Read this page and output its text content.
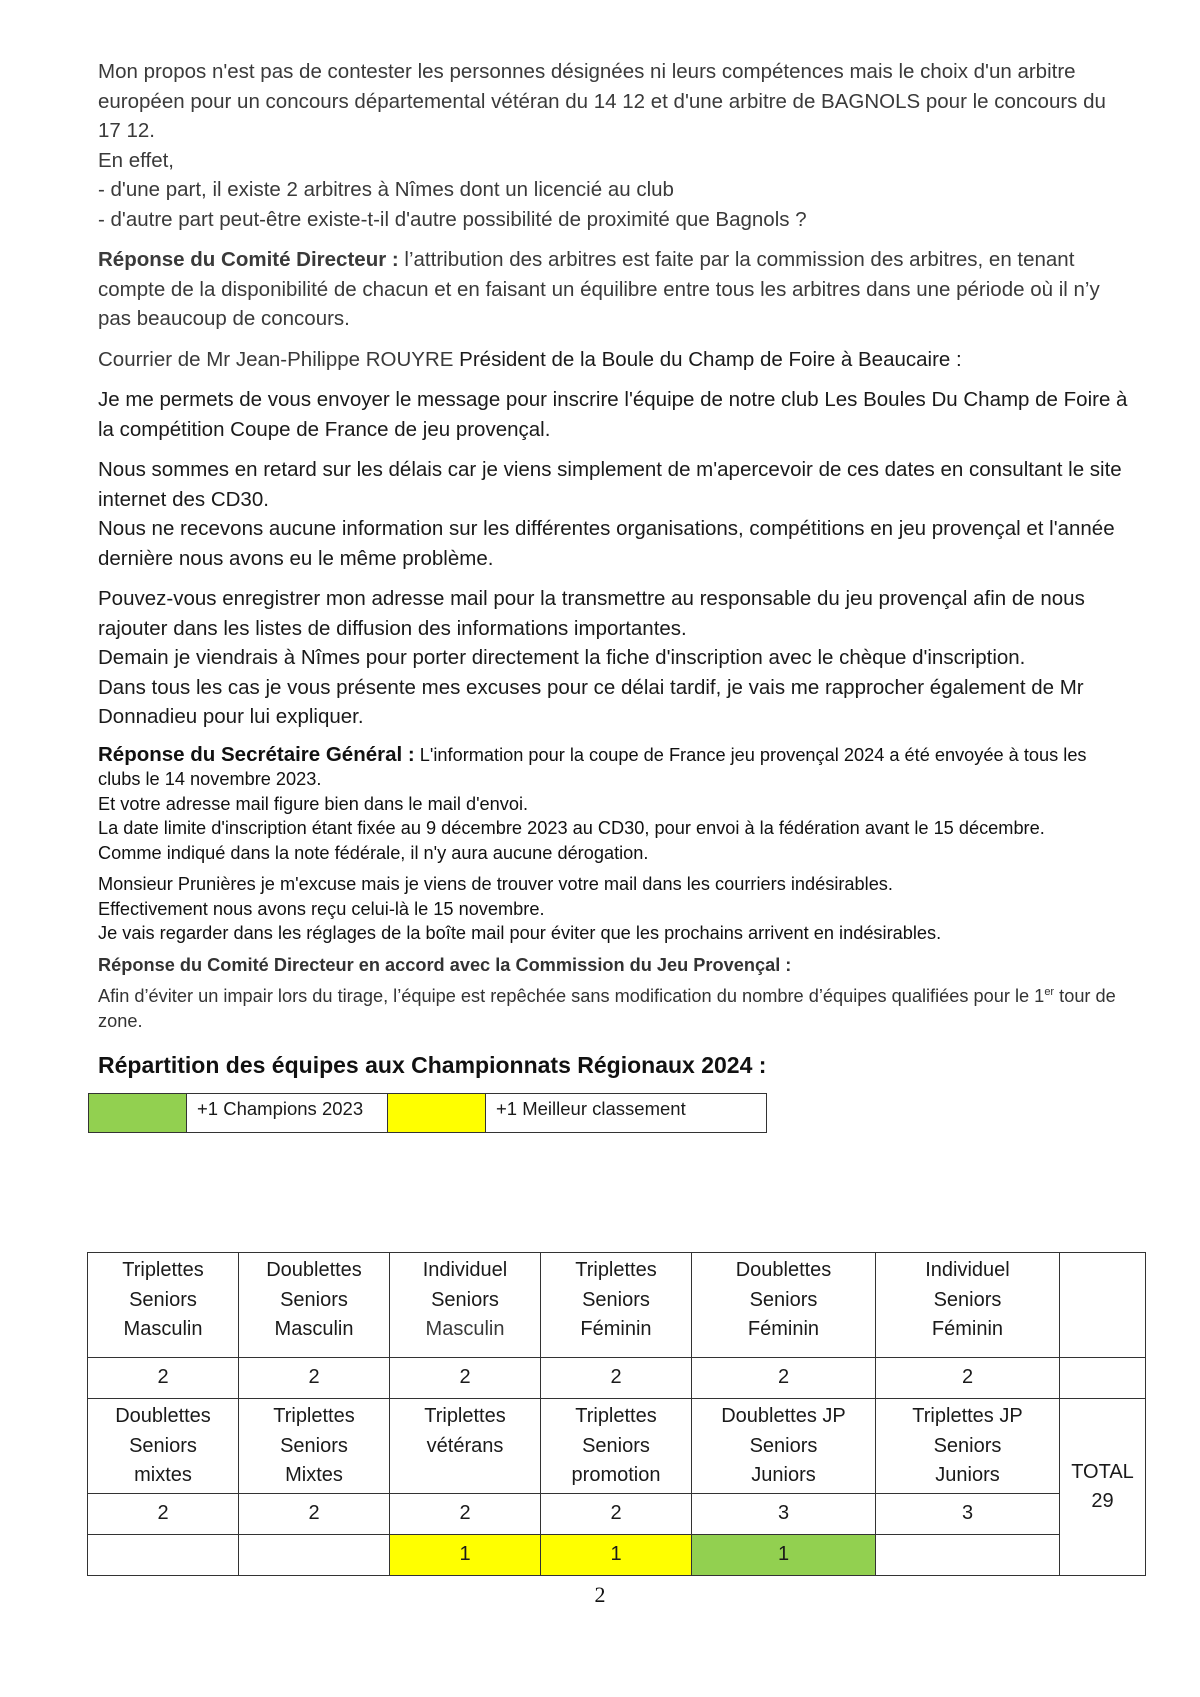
Mon propos n'est pas de contester les personnes désignées ni leurs compétences mais le choix d'un arbitre européen pour un concours départemental vétéran du 14 12 et d'une arbitre de BAGNOLS pour le concours du 17 12.

En effet,

- d'une part, il existe 2 arbitres à Nîmes dont un licencié au club

- d'autre part peut-être existe-t-il d'autre possibilité de proximité que Bagnols ?

Réponse du Comité Directeur : l’attribution des arbitres est faite par la commission des arbitres, en tenant compte de la disponibilité de chacun et en faisant un équilibre entre tous les arbitres dans une période où il n’y pas beaucoup de concours.

Courrier de Mr Jean-Philippe ROUYRE Président de la Boule du Champ de Foire à Beaucaire :

Je me permets de vous envoyer le message pour inscrire l'équipe de notre club Les Boules Du Champ de Foire à la compétition Coupe de France de jeu provençal.

Nous sommes en retard sur les délais car je viens simplement de m'apercevoir de ces dates en consultant le site internet des CD30.

Nous ne recevons aucune information sur les différentes organisations, compétitions en jeu provençal et l'année dernière nous avons eu le même problème.

Pouvez-vous enregistrer mon adresse mail pour la transmettre au responsable du jeu provençal afin de nous rajouter dans les listes de diffusion des informations importantes.

Demain je viendrais à Nîmes pour porter directement la fiche d'inscription avec le chèque d'inscription.

Dans tous les cas je vous présente mes excuses pour ce délai tardif, je vais me rapprocher également de Mr Donnadieu pour lui expliquer.

Réponse du Secrétaire Général : L'information pour la coupe de France jeu provençal 2024 a été envoyée à tous les clubs le 14 novembre 2023.

Et votre adresse mail figure bien dans le mail d'envoi.

La date limite d'inscription étant fixée au 9 décembre 2023 au CD30, pour envoi à la fédération avant le 15 décembre.

Comme indiqué dans la note fédérale, il n'y aura aucune dérogation.

Monsieur Prunières je m'excuse mais je viens de trouver votre mail dans les courriers indésirables.

Effectivement nous avons reçu celui-là le 15 novembre.

Je vais regarder dans les réglages de la boîte mail pour éviter que les prochains arrivent en indésirables.

Réponse du Comité Directeur en accord avec la Commission du Jeu Provençal :

Afin d’éviter un impair lors du tirage, l’équipe est repêchée sans modification du nombre d’équipes qualifiées pour le 1er tour de zone.

Répartition des équipes aux Championnats Régionaux 2024 :

	+1 Champions 2023		+1 Meilleur classement
Triplettes
Seniors
Masculin	Doublettes
Seniors
Masculin	Individuel
Seniors
Masculin	Triplettes
Seniors
Féminin	Doublettes
Seniors
Féminin	Individuel
Seniors
Féminin	
2	2	2	2	2	2	
Doublettes
Seniors
mixtes	Triplettes
Seniors
Mixtes	Triplettes
vétérans	Triplettes
Seniors
promotion	Doublettes JP
Seniors
Juniors	Triplettes JP
Seniors
Juniors	TOTAL
29
2	2	2	2	3	3	
		1	1	1		
2
